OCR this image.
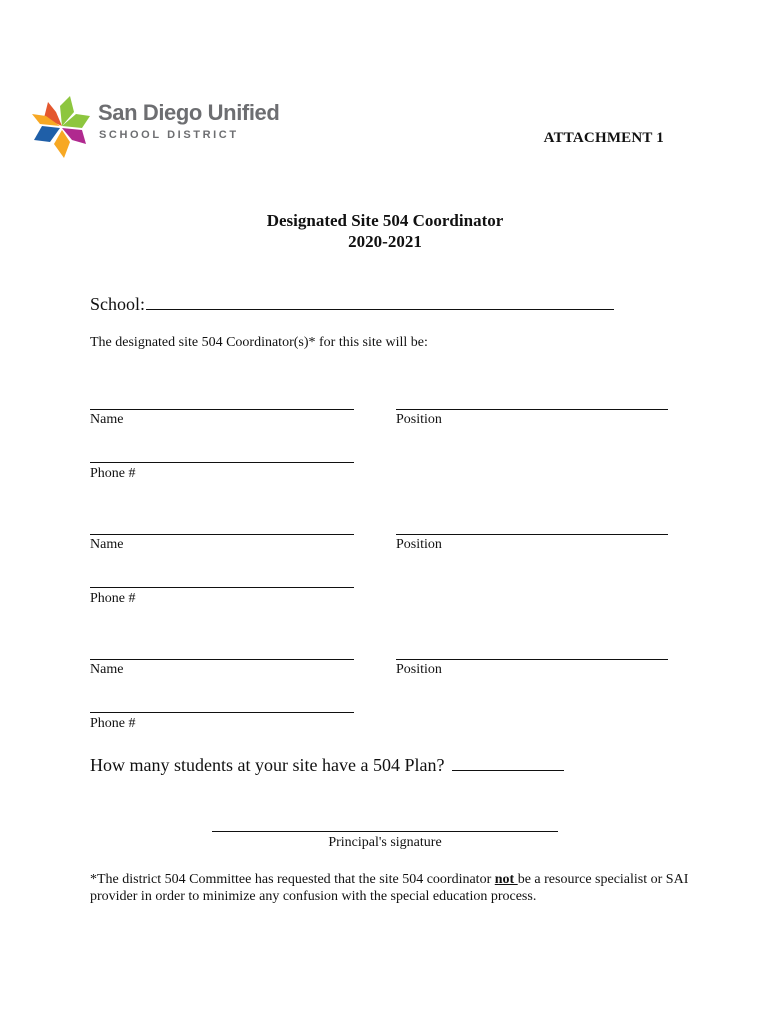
San Diego Unified
SCHOOL DISTRICT	ATTACHMENT 1
Designated Site 504 Coordinator
2020-2021
School:
The designated site 504 Coordinator(s)* for this site will be:
Name	Position
Phone #
Name	Position
Phone #
Name	Position
Phone #
How many students at your site have a 504 Plan?
Principal's signature
*The district 504 Committee has requested that the site 504 coordinator not be a resource specialist or SAI provider in order to minimize any confusion with the special education process.
